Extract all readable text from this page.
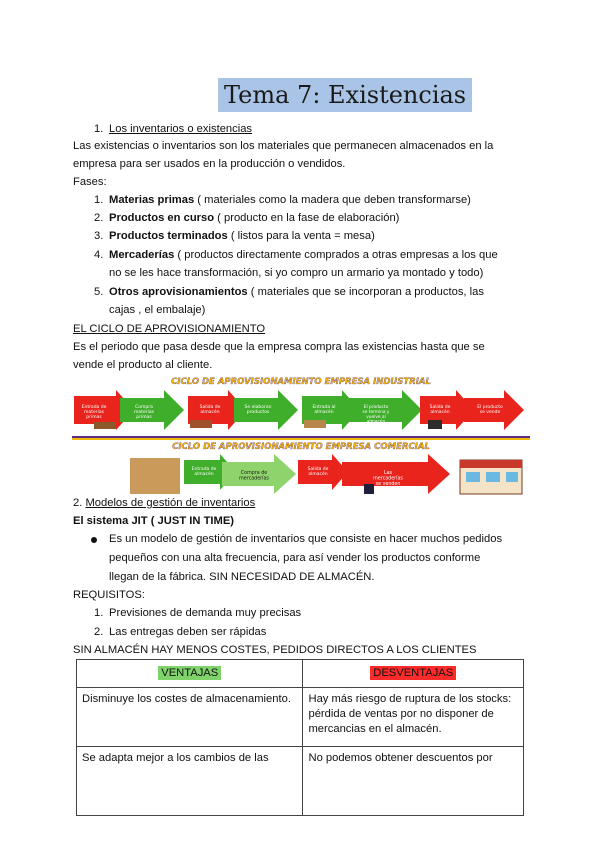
Tema 7: Existencias
1. Los inventarios o existencias
Las existencias o inventarios son los materiales que permanecen almacenados en la
empresa para ser usados en la producción o vendidos.
Fases:
1. Materias primas ( materiales como la madera que deben transformarse)
2. Productos en curso ( producto en la fase de elaboración)
3. Productos terminados ( listos para la venta = mesa)
4. Mercaderías ( productos directamente comprados a otras empresas a los que
no se les hace transformación, si yo compro un armario ya montado y todo)
5. Otros aprovisionamientos ( materiales que se incorporan a productos, las
cajas , el embalaje)
EL CICLO DE APROVISIONAMIENTO
Es el periodo que pasa desde que la empresa compra las existencias hasta que se
vende el producto al cliente.
CICLO DE APROVISIONAMIENTO EMPRESA INDUSTRIAL
Entrada de materias primas
Compra materias primas
Salida de almacén
Se elaboran productos
Entrada al almacén
El producto se termina y vuelve al almacén
Salida de almacén
El producto se vende
CICLO DE APROVISIONAMIENTO EMPRESA COMERCIAL
Entrada de almacén	Compra de mercaderías
Salida de almacén	Las mercaderías se venden
2. Modelos de gestión de inventarios
El sistema JIT ( JUST IN TIME)
Es un modelo de gestión de inventarios que consiste en hacer muchos pedidos
pequeños con una alta frecuencia, para así vender los productos conforme
llegan de la fábrica. SIN NECESIDAD DE ALMACÉN.
REQUISITOS:
1. Previsiones de demanda muy precisas
2. Las entregas deben ser rápidas
SIN ALMACÉN HAY MENOS COSTES, PEDIDOS DIRECTOS A LOS CLIENTES
VENTAJAS	DESVENTAJAS
Disminuye los costes de almacenamiento.	Hay más riesgo de ruptura de los stocks: pérdida de ventas por no disponer de mercancias en el almacén.
Se adapta mejor a los cambios de las	No podemos obtener descuentos por
